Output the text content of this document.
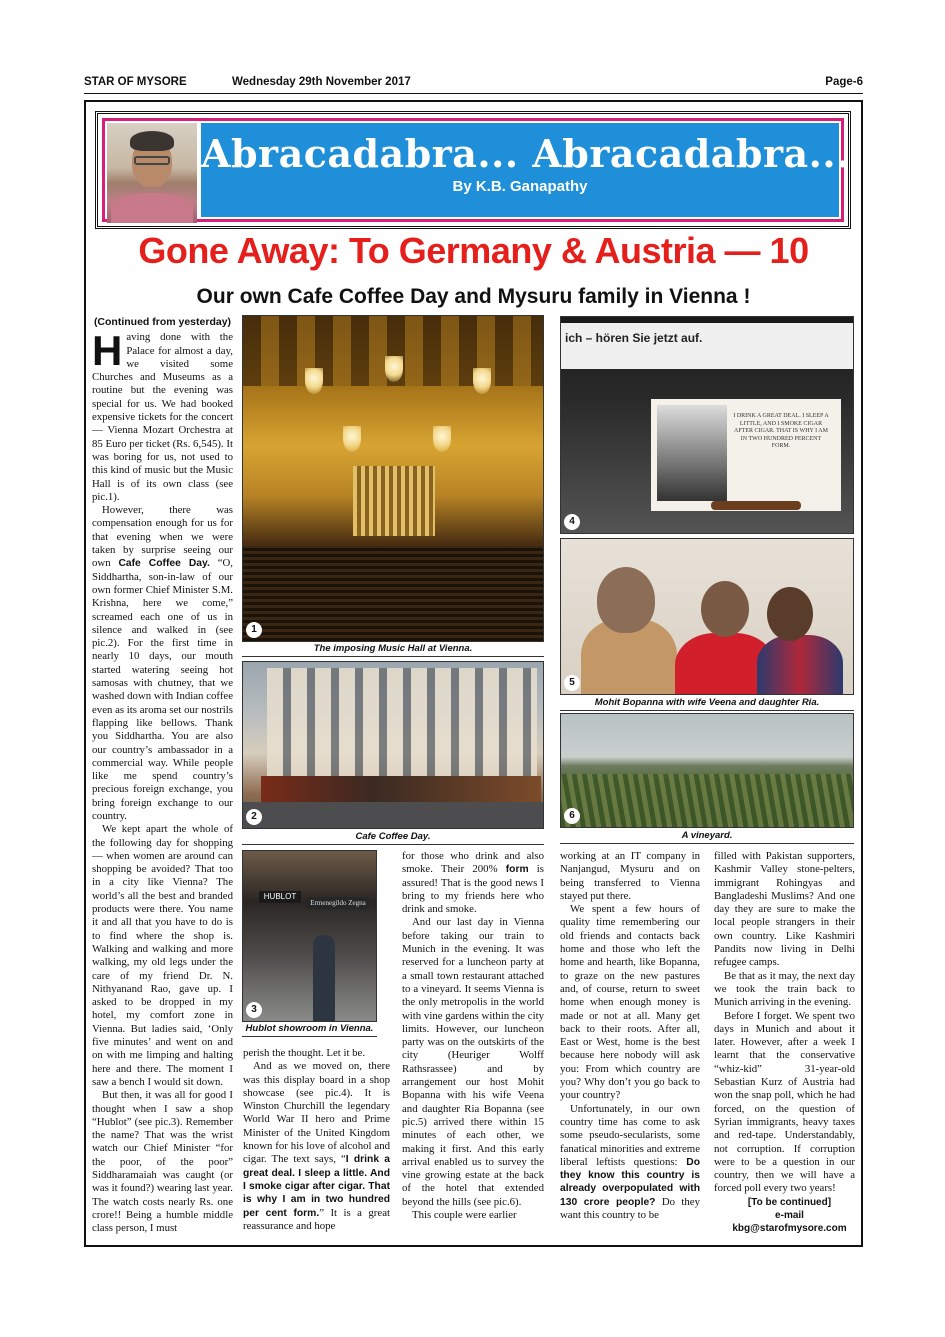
STAR OF MYSORE	Wednesday 29th November 2017	Page-6
Abracadabra... Abracadabra...
By K.B. Ganapathy
Gone Away: To Germany & Austria — 10
Our own Cafe Coffee Day and Mysuru family in Vienna !
(Continued from yesterday)

Having done with the Palace for almost a day, we visited some Churches and Museums as a routine but the evening was special for us. We had booked expensive tickets for the concert — Vienna Mozart Orchestra at 85 Euro per ticket (Rs. 6,545). It was boring for us, not used to this kind of music but the Music Hall is of its own class (see pic.1).

However, there was compensation enough for us for that evening when we were taken by surprise seeing our own Cafe Coffee Day. “O, Siddhartha, son-in-law of our own former Chief Minister S.M. Krishna, here we come,” screamed each one of us in silence and walked in (see pic.2). For the first time in nearly 10 days, our mouth started watering seeing hot samosas with chutney, that we washed down with Indian coffee even as its aroma set our nostrils flapping like bellows. Thank you Siddhartha. You are also our country’s ambassador in a commercial way. While people like me spend country’s precious foreign exchange, you bring foreign exchange to our country.

We kept apart the whole of the following day for shopping — when women are around can shopping be avoided? That too in a city like Vienna? The world’s all the best and branded products were there. You name it and all that you have to do is to find where the shop is. Walking and walking and more walking, my old legs under the care of my friend Dr. N. Nithyanand Rao, gave up. I asked to be dropped in my hotel, my comfort zone in Vienna. But ladies said, ‘Only five minutes’ and went on and on with me limping and halting here and there. The moment I saw a bench I would sit down.

But then, it was all for good I thought when I saw a shop “Hublot” (see pic.3). Remember the name? That was the wrist watch our Chief Minister “for the poor, of the poor” Siddharamaiah was caught (or was it found?) wearing last year. The watch costs nearly Rs. one crore!! Being a humble middle class person, I must

perish the thought. Let it be.

And as we moved on, there was this display board in a shop showcase (see pic.4). It is Winston Churchill the legendary World War II hero and Prime Minister of the United Kingdom known for his love of alcohol and cigar. The text says, “I drink a great deal. I sleep a little. And I smoke cigar after cigar. That is why I am in two hundred per cent form.” It is a great reassurance and hope

for those who drink and also smoke. Their 200% form is assured! That is the good news I bring to my friends here who drink and smoke.

And our last day in Vienna before taking our train to Munich in the evening. It was reserved for a luncheon party at a small town restaurant attached to a vineyard. It seems Vienna is the only metropolis in the world with vine gardens within the city limits. However, our luncheon party was on the outskirts of the city (Heuriger Wolff Rathsrassee) and by arrangement our host Mohit Bopanna with his wife Veena and daughter Ria Bopanna (see pic.5) arrived there within 15 minutes of each other, we making it first. And this early arrival enabled us to survey the vine growing estate at the back of the hotel that extended beyond the hills (see pic.6).

This couple were earlier

working at an IT company in Nanjangud, Mysuru and on being transferred to Vienna stayed put there.

We spent a few hours of quality time remembering our old friends and contacts back home and those who left the home and hearth, like Bopanna, to graze on the new pastures and, of course, return to sweet home when enough money is made or not at all. Many get back to their roots. After all, East or West, home is the best because here nobody will ask you: From which country are you? Why don’t you go back to your country?

Unfortunately, in our own country time has come to ask some pseudo-secularists, some fanatical minorities and extreme liberal leftists questions: Do they know this country is already overpopulated with 130 crore people? Do they want this country to be

filled with Pakistan supporters, Kashmir Valley stone-pelters, immigrant Rohingyas and Bangladeshi Muslims? And one day they are sure to make the local people strangers in their own country. Like Kashmiri Pandits now living in Delhi refugee camps.

Be that as it may, the next day we took the train back to Munich arriving in the evening.

Before I forget. We spent two days in Munich and about it later. However, after a week I learnt that the conservative “whiz-kid” 31-year-old Sebastian Kurz of Austria had won the snap poll, which he had forced, on the question of Syrian immigrants, heavy taxes and red-tape. Understandably, not corruption. If corruption were to be a question in our country, then we will have a forced poll every two years!

[To be continued]

e-mail

kbg@starofmysore.com

1
The imposing Music Hall at Vienna.
2
Cafe Coffee Day.
HUBLOT
Ermenegildo Zegna
3
Hublot showroom in Vienna.
ich – hören Sie jetzt auf.
I DRINK A GREAT DEAL. I SLEEP A LITTLE, AND I SMOKE CIGAR AFTER CIGAR. THAT IS WHY I AM IN TWO HUNDRED PERCENT FORM.
4
5
Mohit Bopanna with wife Veena and daughter Ria.
6
A vineyard.
